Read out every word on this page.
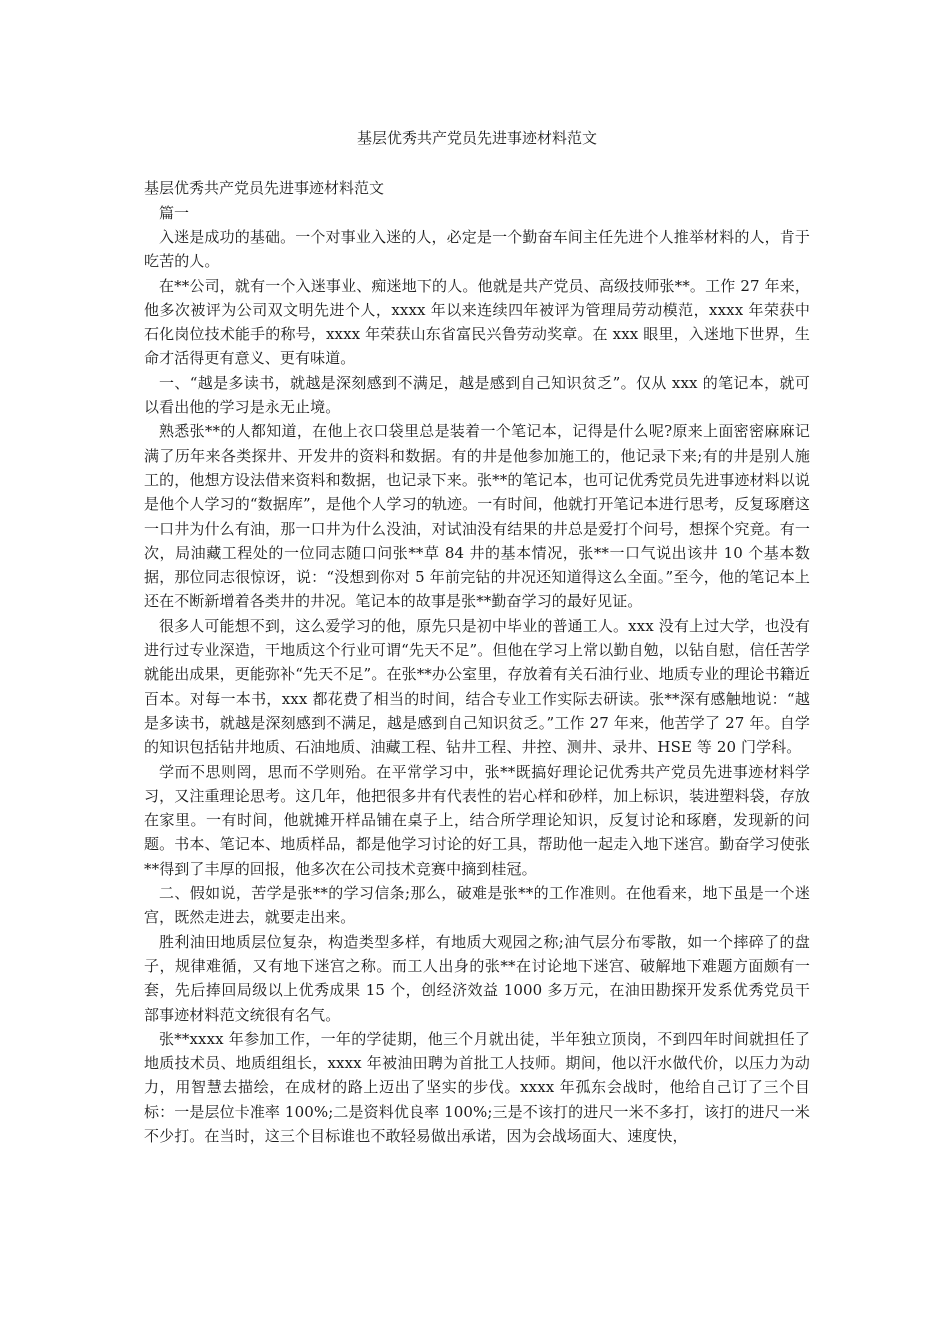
基层优秀共产党员先进事迹材料范文
基层优秀共产党员先进事迹材料范文
篇一

入迷是成功的基础。一个对事业入迷的人，必定是一个勤奋车间主任先进个人推举材料的人，肯于吃苦的人。

在**公司，就有一个入迷事业、痴迷地下的人。他就是共产党员、高级技师张**。工作 27 年来，他多次被评为公司双文明先进个人，xxxx 年以来连续四年被评为管理局劳动模范，xxxx 年荣获中石化岗位技术能手的称号，xxxx 年荣获山东省富民兴鲁劳动奖章。在 xxx 眼里，入迷地下世界，生命才活得更有意义、更有味道。

一、“越是多读书，就越是深刻感到不满足，越是感到自己知识贫乏”。仅从 xxx 的笔记本，就可以看出他的学习是永无止境。

熟悉张**的人都知道，在他上衣口袋里总是装着一个笔记本，记得是什么呢?原来上面密密麻麻记满了历年来各类探井、开发井的资料和数据。有的井是他参加施工的，他记录下来;有的井是别人施工的，他想方设法借来资料和数据，也记录下来。张**的笔记本，也可记优秀党员先进事迹材料以说是他个人学习的“数据库”，是他个人学习的轨迹。一有时间，他就打开笔记本进行思考，反复琢磨这一口井为什么有油，那一口井为什么没油，对试油没有结果的井总是爱打个问号，想探个究竟。有一次，局油藏工程处的一位同志随口问张**草 84 井的基本情况，张**一口气说出该井 10 个基本数据，那位同志很惊讶，说：“没想到你对 5 年前完钻的井况还知道得这么全面。”至今，他的笔记本上还在不断新增着各类井的井况。笔记本的故事是张**勤奋学习的最好见证。

很多人可能想不到，这么爱学习的他，原先只是初中毕业的普通工人。xxx 没有上过大学，也没有进行过专业深造，干地质这个行业可谓“先天不足”。但他在学习上常以勤自勉，以钻自慰，信任苦学就能出成果，更能弥补“先天不足”。在张**办公室里，存放着有关石油行业、地质专业的理论书籍近百本。对每一本书，xxx 都花费了相当的时间，结合专业工作实际去研读。张**深有感触地说：“越是多读书，就越是深刻感到不满足，越是感到自己知识贫乏。”工作 27 年来，他苦学了 27 年。自学的知识包括钻井地质、石油地质、油藏工程、钻井工程、井控、测井、录井、HSE 等 20 门学科。

学而不思则罔，思而不学则殆。在平常学习中，张**既搞好理论记优秀共产党员先进事迹材料学习，又注重理论思考。这几年，他把很多井有代表性的岩心样和砂样，加上标识，装进塑料袋，存放在家里。一有时间，他就摊开样品铺在桌子上，结合所学理论知识，反复讨论和琢磨，发现新的问题。书本、笔记本、地质样品，都是他学习讨论的好工具，帮助他一起走入地下迷宫。勤奋学习使张**得到了丰厚的回报，他多次在公司技术竞赛中摘到桂冠。

二、假如说，苦学是张**的学习信条;那么，破难是张**的工作准则。在他看来，地下虽是一个迷宫，既然走进去，就要走出来。

胜利油田地质层位复杂，构造类型多样，有地质大观园之称;油气层分布零散，如一个摔碎了的盘子，规律难循，又有地下迷宫之称。而工人出身的张**在讨论地下迷宫、破解地下难题方面颇有一套，先后捧回局级以上优秀成果 15 个，创经济效益 1000 多万元，在油田勘探开发系优秀党员干部事迹材料范文统很有名气。

张**xxxx 年参加工作，一年的学徒期，他三个月就出徒，半年独立顶岗，不到四年时间就担任了地质技术员、地质组组长，xxxx 年被油田聘为首批工人技师。期间，他以汗水做代价，以压力为动力，用智慧去描绘，在成材的路上迈出了坚实的步伐。xxxx 年孤东会战时，他给自己订了三个目标：一是层位卡准率 100%;二是资料优良率 100%;三是不该打的进尺一米不多打，该打的进尺一米不少打。在当时，这三个目标谁也不敢轻易做出承诺，因为会战场面大、速度快，
